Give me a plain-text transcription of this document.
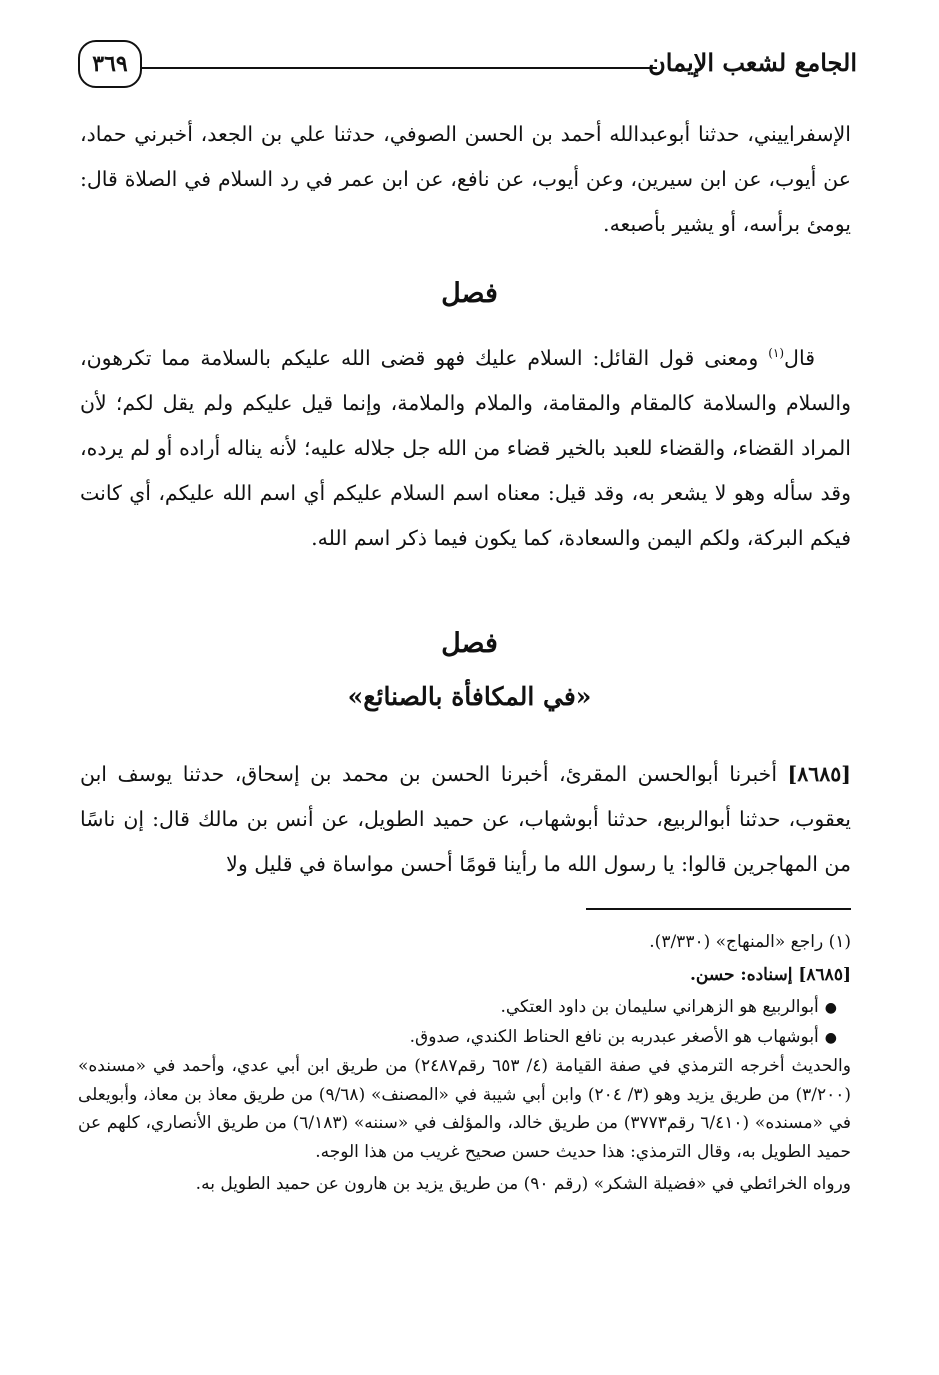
الجامع لشعب الإيمان
٣٦٩
الإسفراييني، حدثنا أبوعبدالله أحمد بن الحسن الصوفي، حدثنا علي بن الجعد، أخبرني حماد، عن أيوب، عن ابن سيرين، وعن أيوب، عن نافع، عن ابن عمر في رد السلام في الصلاة قال: يومئ برأسه، أو يشير بأصبعه.
فصل
قال$^{(١)}$ ومعنى قول القائل: السلام عليك فهو قضى الله عليكم بالسلامة مما تكرهون، والسلام والسلامة كالمقام والمقامة، والملام والملامة، وإنما قيل عليكم ولم يقل لكم؛ لأن المراد القضاء، والقضاء للعبد بالخير قضاء من الله جل جلاله عليه؛ لأنه يناله أراده أو لم يرده، وقد سأله وهو لا يشعر به، وقد قيل: معناه اسم السلام عليكم أي اسم الله عليكم، أي كانت فيكم البركة، ولكم اليمن والسعادة، كما يكون فيما ذكر اسم الله.
فصل
«في المكافأة بالصنائع»
[٨٦٨٥] أخبرنا أبوالحسن المقرئ، أخبرنا الحسن بن محمد بن إسحاق، حدثنا يوسف ابن يعقوب، حدثنا أبوالربيع، حدثنا أبوشهاب، عن حميد الطويل، عن أنس بن مالك قال: إن ناسًا من المهاجرين قالوا: يا رسول الله ما رأينا قومًا أحسن مواساة في قليل ولا

(١) راجع «المنهاج» (٣/٣٣٠).

[٨٦٨٥] إسناده: حسن.

●أبوالربيع هو الزهراني سليمان بن داود العتكي.

●أبوشهاب هو الأصغر عبدربه بن نافع الحناط الكندي، صدوق.

والحديث أخرجه الترمذي في صفة القيامة (٤/ ٦٥٣ رقم٢٤٨٧) من طريق ابن أبي عدي، وأحمد في «مسنده» (٣/٢٠٠) من طريق يزيد وهو (٣/ ٢٠٤) وابن أبي شيبة في «المصنف» (٩/٦٨) من طريق معاذ بن معاذ، وأبويعلى في «مسنده» (٦/٤١٠ رقم٣٧٧٣) من طريق خالد، والمؤلف في «سننه» (٦/١٨٣) من طريق الأنصاري، كلهم عن حميد الطويل به، وقال الترمذي: هذا حديث حسن صحيح غريب من هذا الوجه.

ورواه الخرائطي في «فضيلة الشكر» (رقم ٩٠) من طريق يزيد بن هارون عن حميد الطويل به.
